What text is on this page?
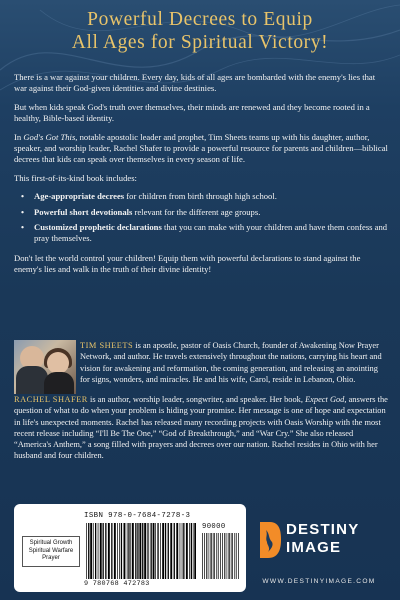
Powerful Decrees to Equip
All Ages for Spiritual Victory!

There is a war against your children. Every day, kids of all ages are bombarded with the enemy's lies that war against their God-given identities and divine destinies.

But when kids speak God's truth over themselves, their minds are renewed and they become rooted in a healthy, Bible-based identity.

In God's Got This, notable apostolic leader and prophet, Tim Sheets teams up with his daughter, author, speaker, and worship leader, Rachel Shafer to provide a powerful resource for parents and children—biblical decrees that kids can speak over themselves in every season of life.

This first-of-its-kind book includes:

• Age-appropriate decrees for children from birth through high school.
• Powerful short devotionals relevant for the different age groups.
• Customized prophetic declarations that you can make with your children and have them confess and pray themselves.

Don't let the world control your children! Equip them with powerful declarations to stand against the enemy's lies and walk in the truth of their divine identity!

TIM SHEETS is an apostle, pastor of Oasis Church, founder of Awakening Now Prayer Network, and author. He travels extensively throughout the nations, carrying his heart and vision for awakening and reformation, the coming generation, and releasing an anointing for signs, wonders, and miracles. He and his wife, Carol, reside in Lebanon, Ohio.
RACHEL SHAFER is an author, worship leader, songwriter, and speaker. Her book, Expect God, answers the question of what to do when your problem is hiding your promise. Her message is one of hope and expectation in life's unexpected moments. Rachel has released many recording projects with Oasis Worship with the most recent release including “I'll Be The One,” “God of Breakthrough,” and “War Cry.” She also released “America's Anthem,” a song filled with prayers and decrees over our nation. Rachel resides in Ohio with her husband and four children.
Spiritual Growth
Spiritual Warfare
Prayer
ISBN 978-0-7684-7278-3
90000
9 780768 472783
DESTINY
IMAGE
WWW.DESTINYIMAGE.COM
